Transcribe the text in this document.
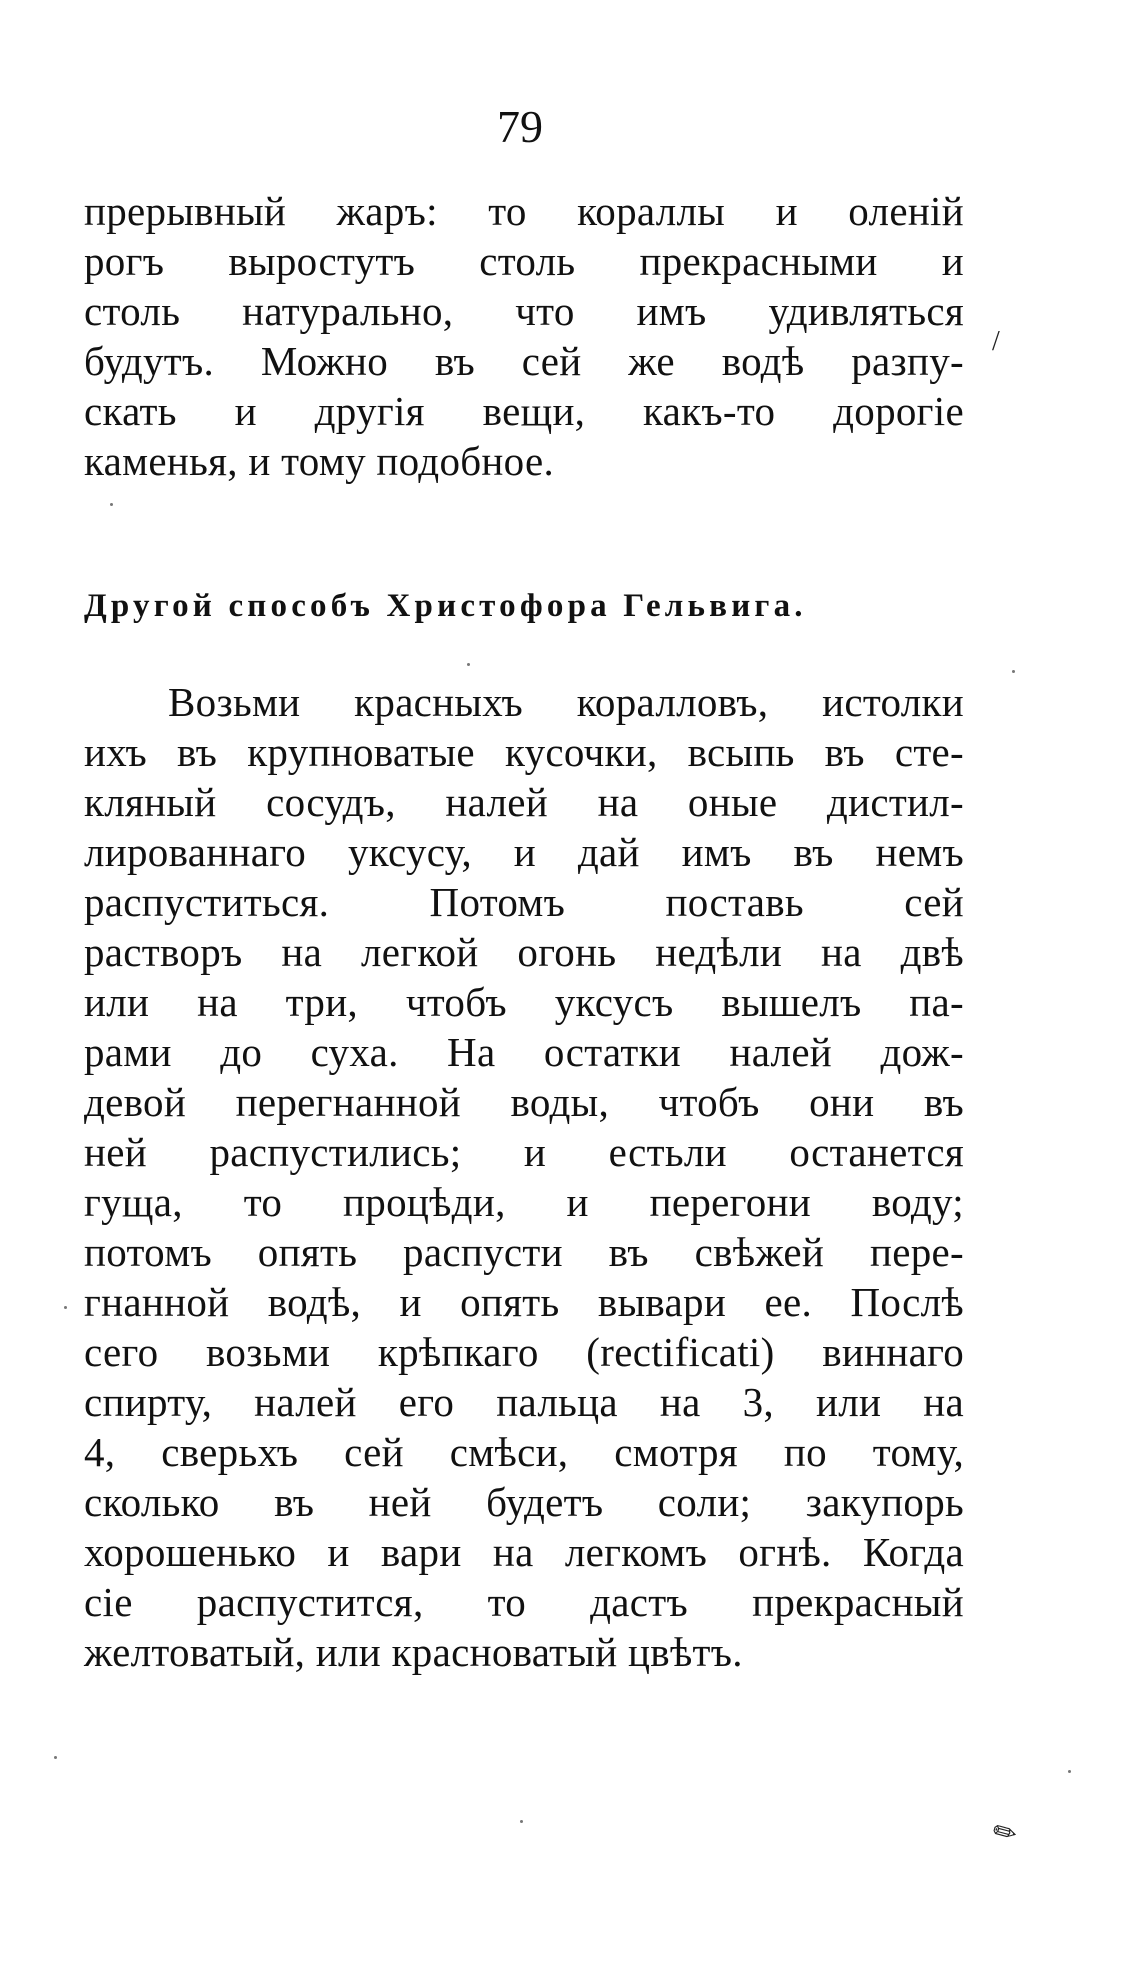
79
прерывный жаръ: то кораллы и оленiй
рогъ выростутъ столь прекрасными и
столь натурально, что имъ удивляться
будутъ. Можно въ сей же водѣ разпу-
скать и другiя вещи, какъ-то дорогiе
каменья, и тому подобное.
Другой способъ Христофора Гельвига.
Возьми красныхъ коралловъ, истолки
ихъ въ крупноватые кусочки, всыпь въ сте-
кляный сосудъ, налей на оные дистил-
лированнаго уксусу, и дай имъ въ немъ
распуститься. Потомъ поставь сей
растворъ на легкой огонь недѣли на двѣ
или на три, чтобъ уксусъ вышелъ па-
рами до суха. На остатки налей дож-
девой перегнанной воды, чтобъ они въ
ней распустились; и естьли останется
гуща, то процѣди, и перегони воду;
потомъ опять распусти въ свѣжей пере-
гнанной водѣ, и опять вывари ее. Послѣ
сего возьми крѣпкаго (rectificati) виннаго
спирту, налей его пальца на 3, или на
4, сверьхъ сей смѣси, смотря по тому,
сколько въ ней будетъ соли; закупорь
хорошенько и вари на легкомъ огнѣ. Когда
сiе распустится, то дастъ прекрасный
желтоватый, или красноватый цвѣтъ.
/
✎
